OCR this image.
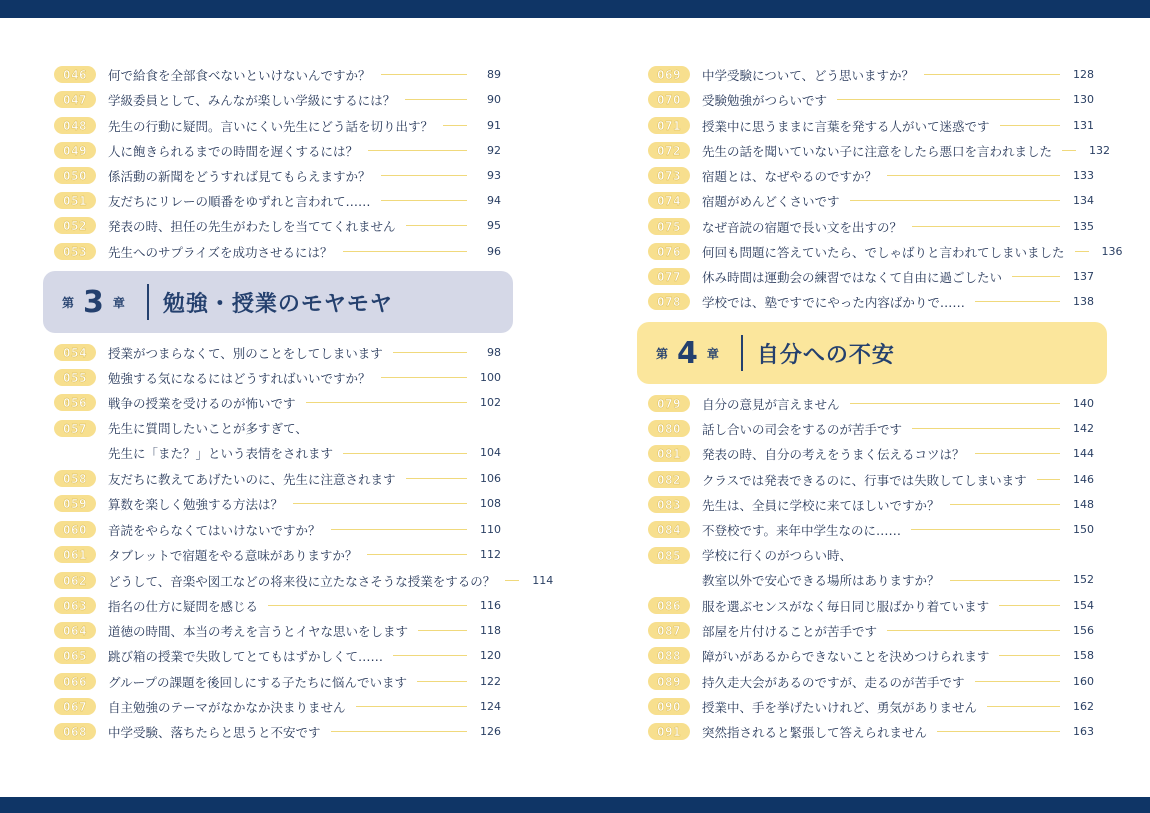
046	何で給食を全部食べないといけないんですか？	89
047	学級委員として、みんなが楽しい学級にするには？	90
048	先生の行動に疑問。言いにくい先生にどう話を切り出す？	91
049	人に飽きられるまでの時間を遅くするには？	92
050	係活動の新聞をどうすれば見てもらえますか？	93
051	友だちにリレーの順番をゆずれと言われて……	94
052	発表の時、担任の先生がわたしを当ててくれません	95
053	先生へのサプライズを成功させるには？	96
054	授業がつまらなくて、別のことをしてしまいます	98
055	勉強する気になるにはどうすればいいですか？	100
056	戦争の授業を受けるのが怖いです	102
057	先生に質問したいことが多すぎて、
先生に「また？」という表情をされます	104
058	友だちに教えてあげたいのに、先生に注意されます	106
059	算数を楽しく勉強する方法は？	108
060	音読をやらなくてはいけないですか？	110
061	タブレットで宿題をやる意味がありますか？	112
062	どうして、音楽や図工などの将来役に立たなさそうな授業をするの？	114
063	指名の仕方に疑問を感じる	116
064	道徳の時間、本当の考えを言うとイヤな思いをします	118
065	跳び箱の授業で失敗してとてもはずかしくて……	120
066	グループの課題を後回しにする子たちに悩んでいます	122
067	自主勉強のテーマがなかなか決まりません	124
068	中学受験、落ちたらと思うと不安です	126
069	中学受験について、どう思いますか？	128
070	受験勉強がつらいです	130
071	授業中に思うままに言葉を発する人がいて迷惑です	131
072	先生の話を聞いていない子に注意をしたら悪口を言われました	132
073	宿題とは、なぜやるのですか？	133
074	宿題がめんどくさいです	134
075	なぜ音読の宿題で長い文を出すの？	135
076	何回も問題に答えていたら、でしゃばりと言われてしまいました	136
077	休み時間は運動会の練習ではなくて自由に過ごしたい	137
078	学校では、塾ですでにやった内容ばかりで……	138
079	自分の意見が言えません	140
080	話し合いの司会をするのが苦手です	142
081	発表の時、自分の考えをうまく伝えるコツは？	144
082	クラスでは発表できるのに、行事では失敗してしまいます	146
083	先生は、全員に学校に来てほしいですか？	148
084	不登校です。来年中学生なのに……	150
085	学校に行くのがつらい時、
教室以外で安心できる場所はありますか？	152
086	服を選ぶセンスがなく毎日同じ服ばかり着ています	154
087	部屋を片付けることが苦手です	156
088	障がいがあるからできないことを決めつけられます	158
089	持久走大会があるのですが、走るのが苦手です	160
090	授業中、手を挙げたいけれど、勇気がありません	162
091	突然指されると緊張して答えられません	163
第 3 章 勉強・授業のモヤモヤ
第 4 章 自分への不安
